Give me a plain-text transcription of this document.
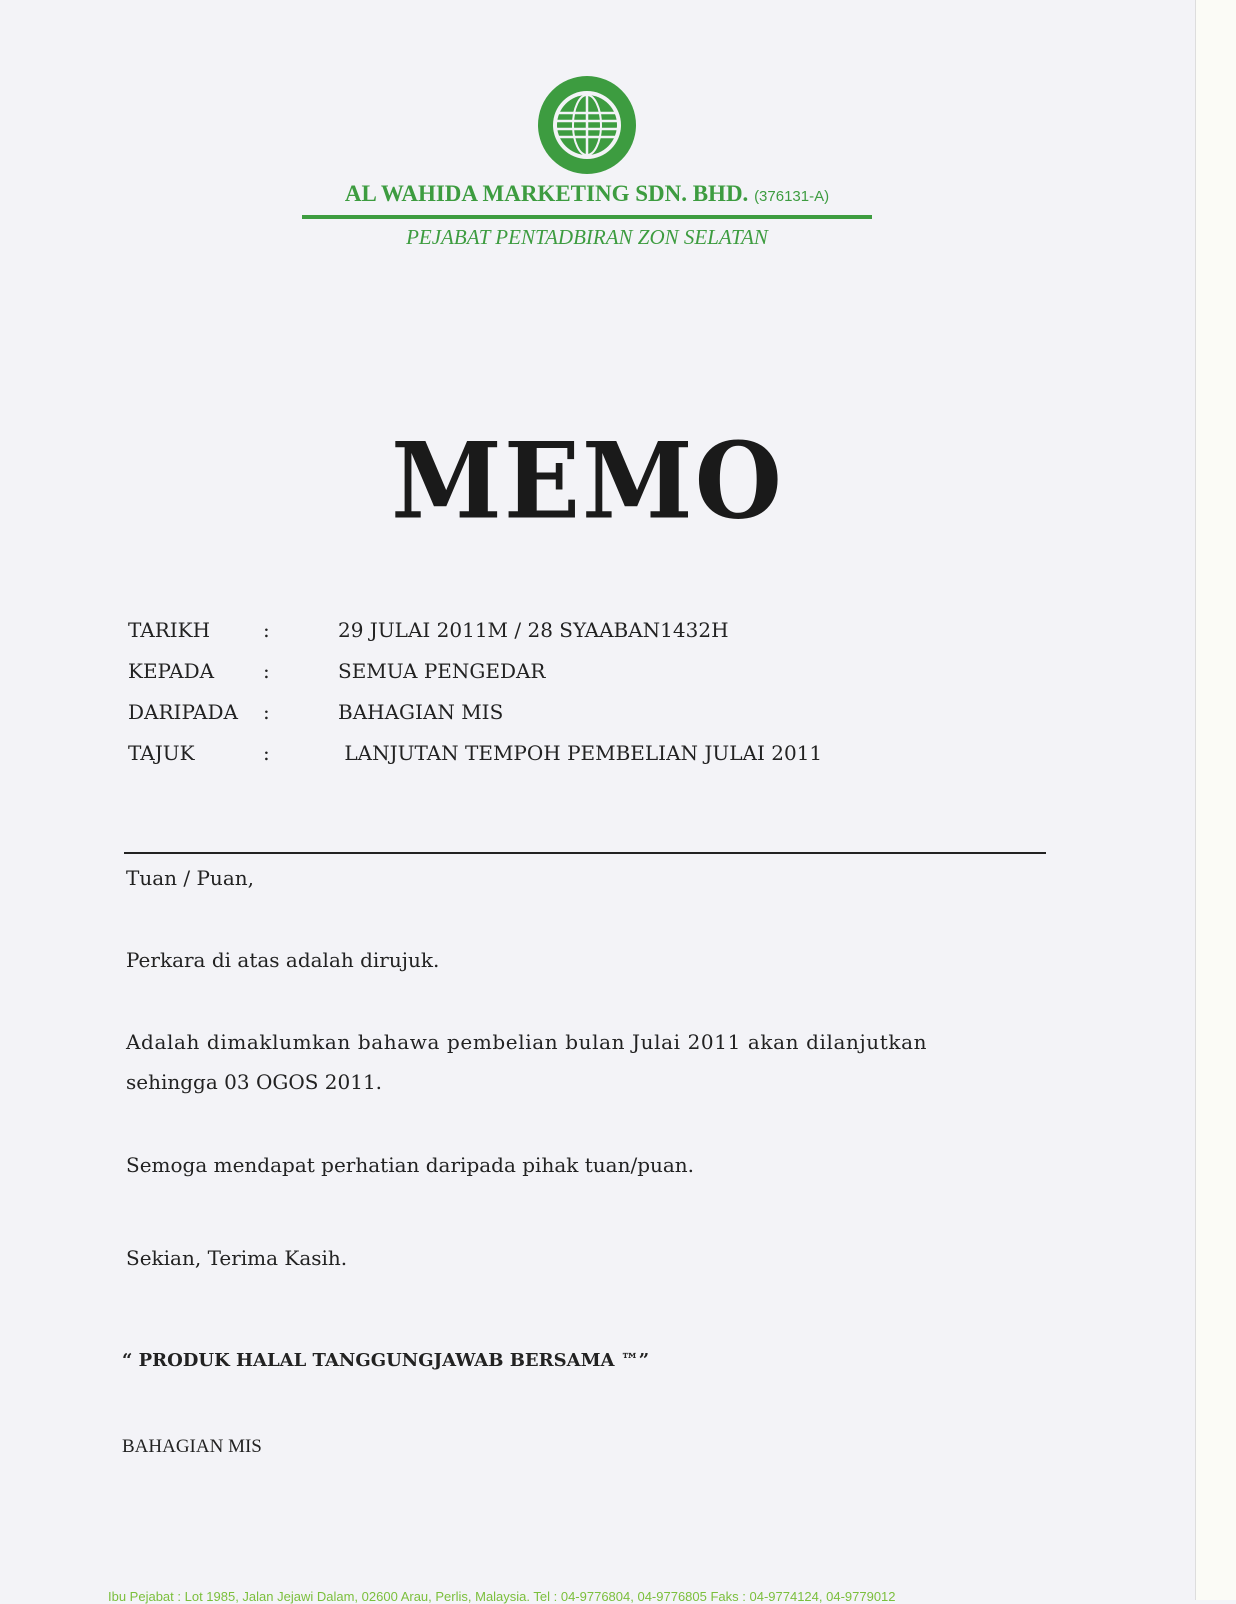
AL WAHIDA MARKETING SDN. BHD. (376131-A)
PEJABAT PENTADBIRAN ZON SELATAN
MEMO
TARIKH	:	29 JULAI 2011M / 28 SYAABAN1432H
KEPADA	:	SEMUA PENGEDAR
DARIPADA	:	BAHAGIAN MIS
TAJUK	:	LANJUTAN TEMPOH PEMBELIAN JULAI 2011
Tuan / Puan,
Perkara di atas adalah dirujuk.
Adalah dimaklumkan bahawa pembelian bulan Julai 2011 akan dilanjutkan
sehingga 03 OGOS 2011.
Semoga mendapat perhatian daripada pihak tuan/puan.
Sekian, Terima Kasih.
“ PRODUK HALAL TANGGUNGJAWAB BERSAMA ™”
BAHAGIAN MIS
Ibu Pejabat : Lot 1985, Jalan Jejawi Dalam, 02600 Arau, Perlis, Malaysia. Tel : 04-9776804, 04-9776805 Faks : 04-9774124, 04-9779012
